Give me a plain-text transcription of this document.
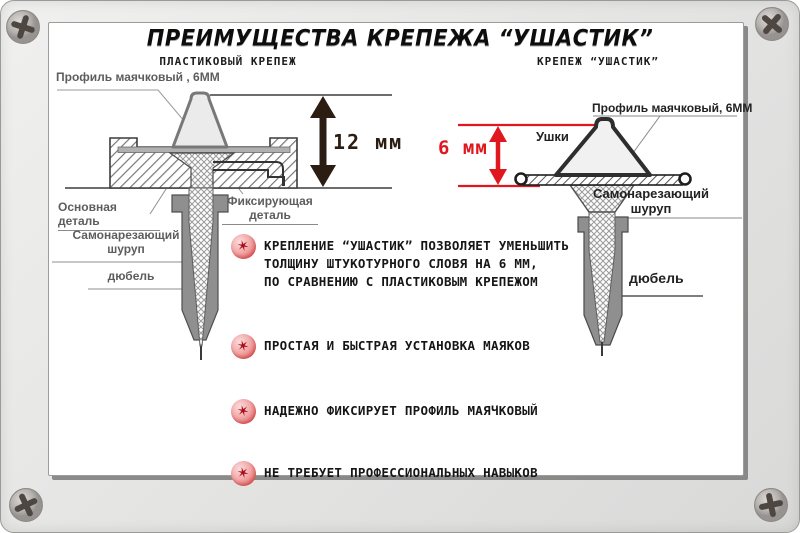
ПРЕИМУЩЕСТВА КРЕПЕЖА “УШАСТИК”
ПЛАСТИКОВЫЙ КРЕПЕЖ	КРЕПЕЖ “УШАСТИК”
Профиль маячковый , 6ММ
12 мм
Основная деталь
Фиксирующая
деталь
Самонарезающий
шуруп
дюбель
Профиль маячковый, 6ММ
Ушки
6 мм
Самонарезающий
шуруп
дюбель
✶ КРЕПЛЕНИЕ “УШАСТИК” ПОЗВОЛЯЕТ УМЕНЬШИТЬ
ТОЛЩИНУ ШТУКОТУРНОГО СЛОВЯ НА 6 ММ,
ПО СРАВНЕНИЮ С ПЛАСТИКОВЫМ КРЕПЕЖОМ
✶ ПРОСТАЯ И БЫСТРАЯ УСТАНОВКА МАЯКОВ
✶ НАДЕЖНО ФИКСИРУЕТ ПРОФИЛЬ МАЯЧКОВЫЙ
✶ НЕ ТРЕБУЕТ ПРОФЕССИОНАЛЬНЫХ НАВЫКОВ
